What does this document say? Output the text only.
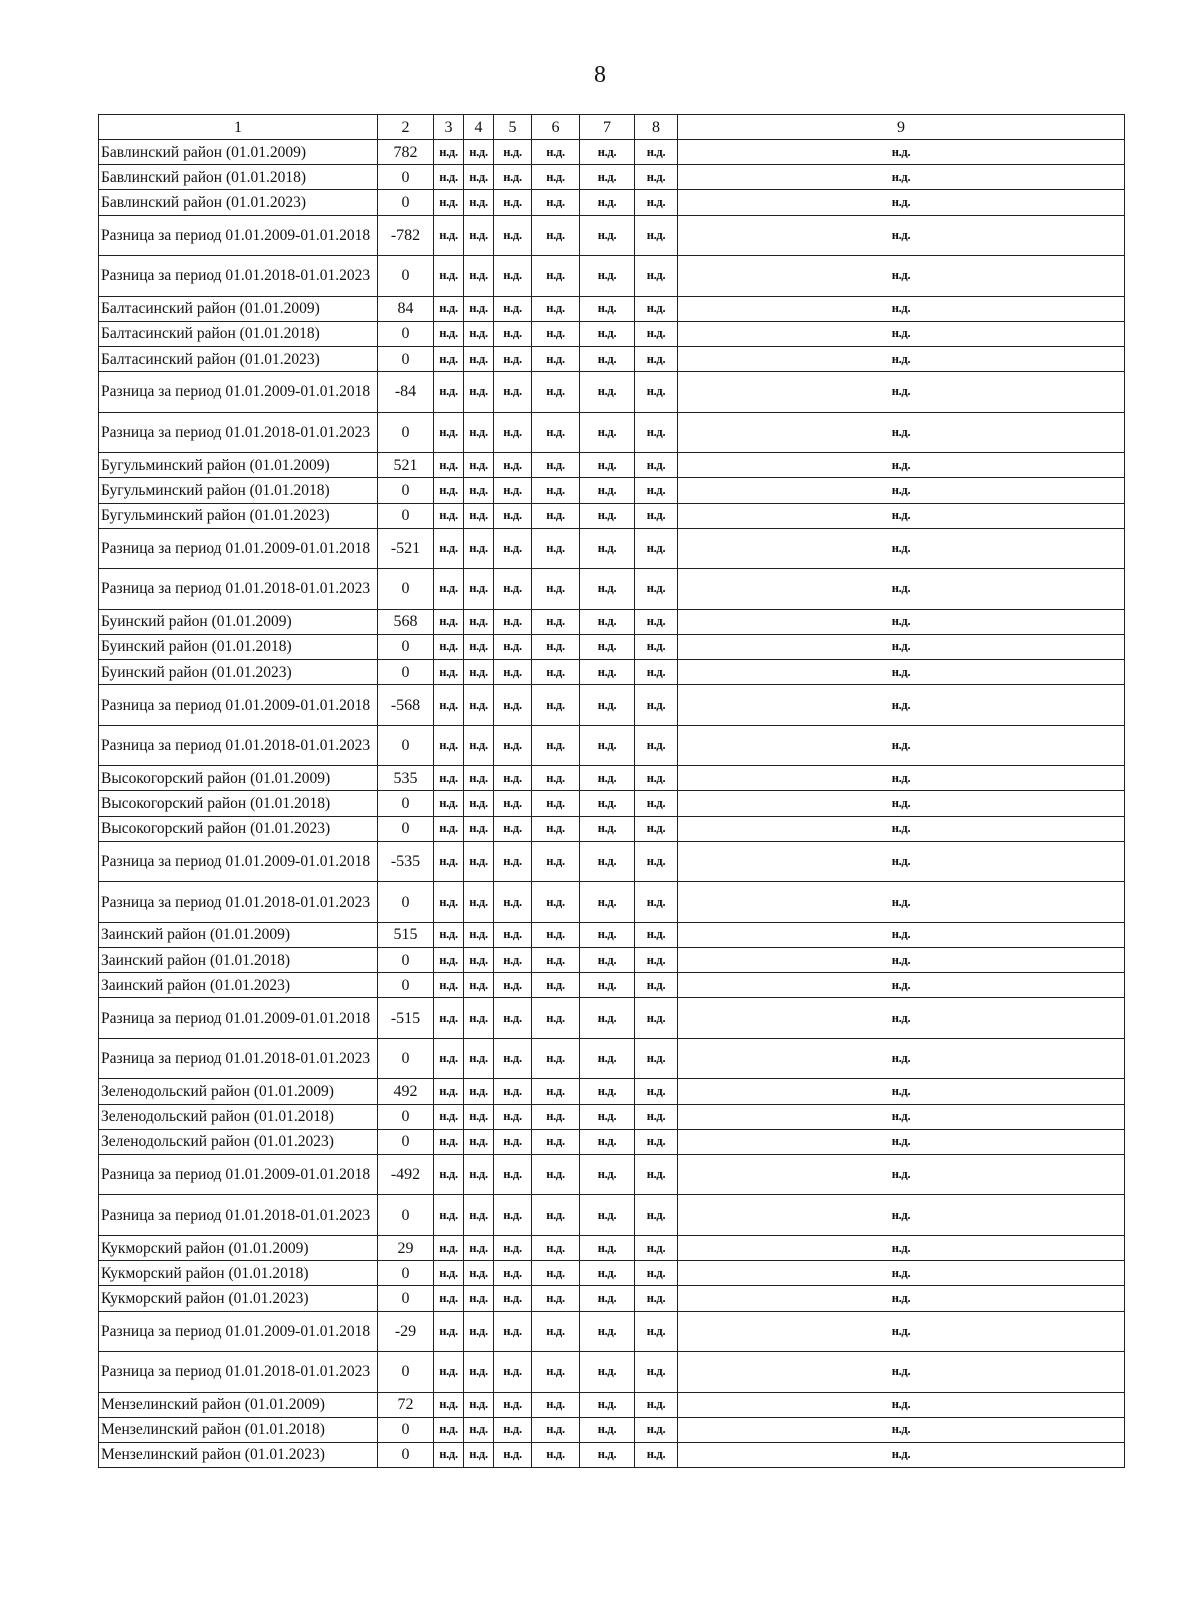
8
1	2	3	4	5	6	7	8	9
Бавлинский район (01.01.2009)	782	н.д.	н.д.	н.д.	н.д.	н.д.	н.д.	н.д.
Бавлинский район (01.01.2018)	0	н.д.	н.д.	н.д.	н.д.	н.д.	н.д.	н.д.
Бавлинский район (01.01.2023)	0	н.д.	н.д.	н.д.	н.д.	н.д.	н.д.	н.д.
Разница за период 01.01.2009-01.01.2018	-782	н.д.	н.д.	н.д.	н.д.	н.д.	н.д.	н.д.
Разница за период 01.01.2018-01.01.2023	0	н.д.	н.д.	н.д.	н.д.	н.д.	н.д.	н.д.
Балтасинский район (01.01.2009)	84	н.д.	н.д.	н.д.	н.д.	н.д.	н.д.	н.д.
Балтасинский район (01.01.2018)	0	н.д.	н.д.	н.д.	н.д.	н.д.	н.д.	н.д.
Балтасинский район (01.01.2023)	0	н.д.	н.д.	н.д.	н.д.	н.д.	н.д.	н.д.
Разница за период 01.01.2009-01.01.2018	-84	н.д.	н.д.	н.д.	н.д.	н.д.	н.д.	н.д.
Разница за период 01.01.2018-01.01.2023	0	н.д.	н.д.	н.д.	н.д.	н.д.	н.д.	н.д.
Бугульминский район (01.01.2009)	521	н.д.	н.д.	н.д.	н.д.	н.д.	н.д.	н.д.
Бугульминский район (01.01.2018)	0	н.д.	н.д.	н.д.	н.д.	н.д.	н.д.	н.д.
Бугульминский район (01.01.2023)	0	н.д.	н.д.	н.д.	н.д.	н.д.	н.д.	н.д.
Разница за период 01.01.2009-01.01.2018	-521	н.д.	н.д.	н.д.	н.д.	н.д.	н.д.	н.д.
Разница за период 01.01.2018-01.01.2023	0	н.д.	н.д.	н.д.	н.д.	н.д.	н.д.	н.д.
Буинский район (01.01.2009)	568	н.д.	н.д.	н.д.	н.д.	н.д.	н.д.	н.д.
Буинский район (01.01.2018)	0	н.д.	н.д.	н.д.	н.д.	н.д.	н.д.	н.д.
Буинский район (01.01.2023)	0	н.д.	н.д.	н.д.	н.д.	н.д.	н.д.	н.д.
Разница за период 01.01.2009-01.01.2018	-568	н.д.	н.д.	н.д.	н.д.	н.д.	н.д.	н.д.
Разница за период 01.01.2018-01.01.2023	0	н.д.	н.д.	н.д.	н.д.	н.д.	н.д.	н.д.
Высокогорский район (01.01.2009)	535	н.д.	н.д.	н.д.	н.д.	н.д.	н.д.	н.д.
Высокогорский район (01.01.2018)	0	н.д.	н.д.	н.д.	н.д.	н.д.	н.д.	н.д.
Высокогорский район (01.01.2023)	0	н.д.	н.д.	н.д.	н.д.	н.д.	н.д.	н.д.
Разница за период 01.01.2009-01.01.2018	-535	н.д.	н.д.	н.д.	н.д.	н.д.	н.д.	н.д.
Разница за период 01.01.2018-01.01.2023	0	н.д.	н.д.	н.д.	н.д.	н.д.	н.д.	н.д.
Заинский район (01.01.2009)	515	н.д.	н.д.	н.д.	н.д.	н.д.	н.д.	н.д.
Заинский район (01.01.2018)	0	н.д.	н.д.	н.д.	н.д.	н.д.	н.д.	н.д.
Заинский район (01.01.2023)	0	н.д.	н.д.	н.д.	н.д.	н.д.	н.д.	н.д.
Разница за период 01.01.2009-01.01.2018	-515	н.д.	н.д.	н.д.	н.д.	н.д.	н.д.	н.д.
Разница за период 01.01.2018-01.01.2023	0	н.д.	н.д.	н.д.	н.д.	н.д.	н.д.	н.д.
Зеленодольский район (01.01.2009)	492	н.д.	н.д.	н.д.	н.д.	н.д.	н.д.	н.д.
Зеленодольский район (01.01.2018)	0	н.д.	н.д.	н.д.	н.д.	н.д.	н.д.	н.д.
Зеленодольский район (01.01.2023)	0	н.д.	н.д.	н.д.	н.д.	н.д.	н.д.	н.д.
Разница за период 01.01.2009-01.01.2018	-492	н.д.	н.д.	н.д.	н.д.	н.д.	н.д.	н.д.
Разница за период 01.01.2018-01.01.2023	0	н.д.	н.д.	н.д.	н.д.	н.д.	н.д.	н.д.
Кукморский район (01.01.2009)	29	н.д.	н.д.	н.д.	н.д.	н.д.	н.д.	н.д.
Кукморский район (01.01.2018)	0	н.д.	н.д.	н.д.	н.д.	н.д.	н.д.	н.д.
Кукморский район (01.01.2023)	0	н.д.	н.д.	н.д.	н.д.	н.д.	н.д.	н.д.
Разница за период 01.01.2009-01.01.2018	-29	н.д.	н.д.	н.д.	н.д.	н.д.	н.д.	н.д.
Разница за период 01.01.2018-01.01.2023	0	н.д.	н.д.	н.д.	н.д.	н.д.	н.д.	н.д.
Мензелинский район (01.01.2009)	72	н.д.	н.д.	н.д.	н.д.	н.д.	н.д.	н.д.
Мензелинский район (01.01.2018)	0	н.д.	н.д.	н.д.	н.д.	н.д.	н.д.	н.д.
Мензелинский район (01.01.2023)	0	н.д.	н.д.	н.д.	н.д.	н.д.	н.д.	н.д.
